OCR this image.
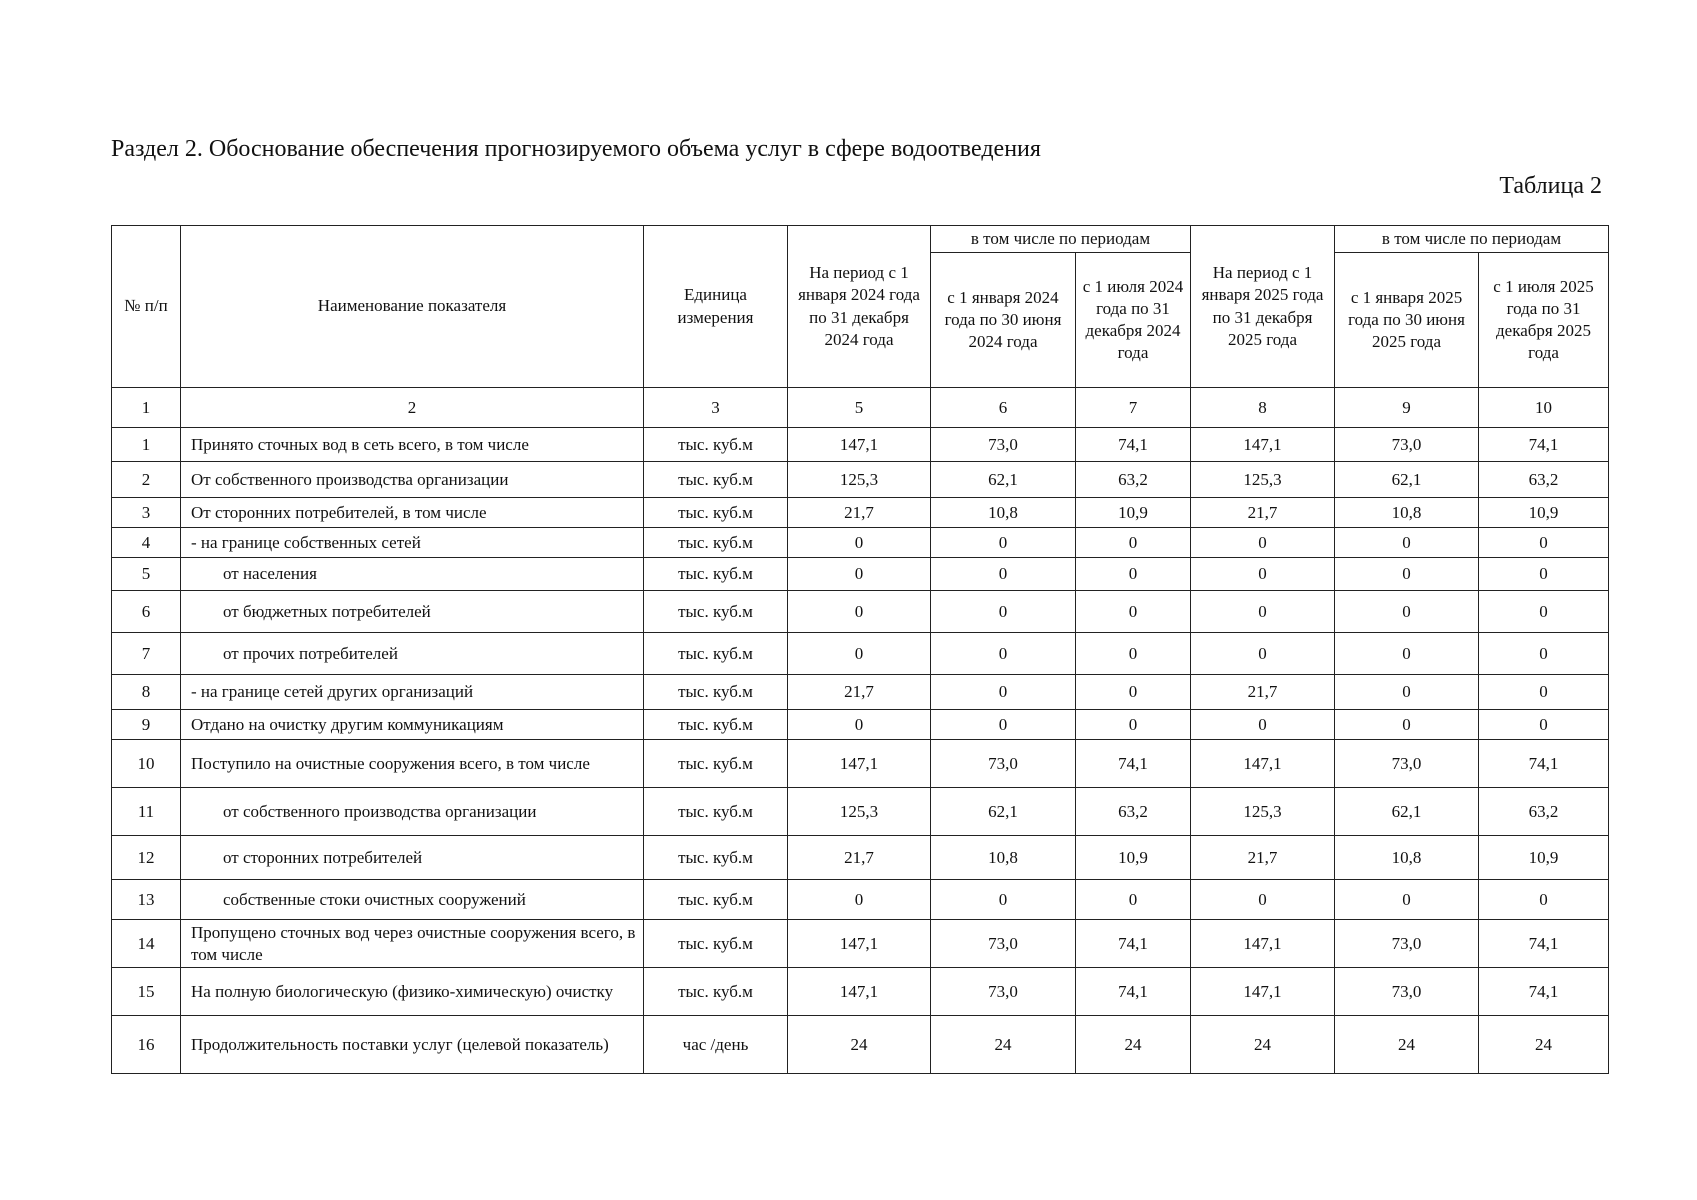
Раздел 2. Обоснование обеспечения прогнозируемого объема услуг в сфере водоотведения
Таблица 2
№ п/п	Наименование показателя	Единица измерения	На период с 1 января 2024 года по 31 декабря 2024 года	в том числе по периодам		На период с 1 января 2025 года по 31 декабря 2025 года	в том числе по периодам	
				с 1 января 2024 года по 30 июня 2024 года	с 1 июля 2024 года по 31 декабря 2024 года		с 1 января 2025 года по 30 июня 2025 года	с 1 июля 2025 года по 31 декабря 2025 года
1	2	3	5	6	7	8	9	10
1	Принято сточных вод в сеть всего, в том числе	тыс. куб.м	147,1	73,0	74,1	147,1	73,0	74,1
2	От собственного производства организации	тыс. куб.м	125,3	62,1	63,2	125,3	62,1	63,2
3	От сторонних потребителей, в том числе	тыс. куб.м	21,7	10,8	10,9	21,7	10,8	10,9
4	- на границе собственных сетей	тыс. куб.м	0	0	0	0	0	0
5	от населения	тыс. куб.м	0	0	0	0	0	0
6	от бюджетных потребителей	тыс. куб.м	0	0	0	0	0	0
7	от прочих потребителей	тыс. куб.м	0	0	0	0	0	0
8	- на границе сетей других организаций	тыс. куб.м	21,7	0	0	21,7	0	0
9	Отдано на очистку другим коммуникациям	тыс. куб.м	0	0	0	0	0	0
10	Поступило на очистные сооружения всего, в том числе	тыс. куб.м	147,1	73,0	74,1	147,1	73,0	74,1
11	от собственного производства организации	тыс. куб.м	125,3	62,1	63,2	125,3	62,1	63,2
12	от сторонних потребителей	тыс. куб.м	21,7	10,8	10,9	21,7	10,8	10,9
13	собственные стоки очистных сооружений	тыс. куб.м	0	0	0	0	0	0
14	Пропущено сточных вод через очистные сооружения всего, в том числе	тыс. куб.м	147,1	73,0	74,1	147,1	73,0	74,1
15	На полную биологическую (физико-химическую) очистку	тыс. куб.м	147,1	73,0	74,1	147,1	73,0	74,1
16	Продолжительность поставки услуг (целевой показатель)	час /день	24	24	24	24	24	24
